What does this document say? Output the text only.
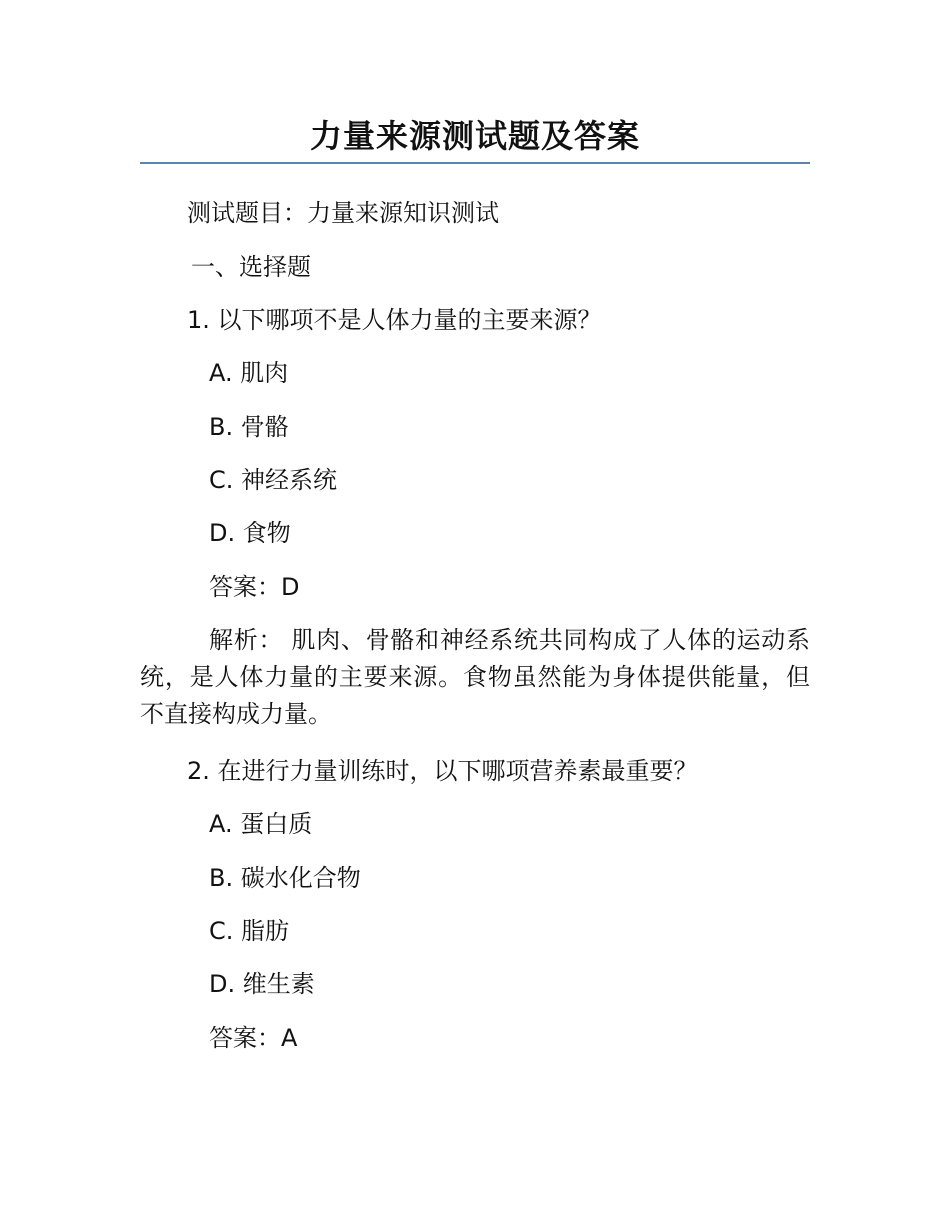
力量来源测试题及答案
测试题目：力量来源知识测试
一、选择题
1. 以下哪项不是人体力量的主要来源？
A. 肌肉
B. 骨骼
C. 神经系统
D. 食物
答案：D
解析： 肌肉、骨骼和神经系统共同构成了人体的运动系统，是人体力量的主要来源。食物虽然能为身体提供能量，但不直接构成力量。
2. 在进行力量训练时，以下哪项营养素最重要？
A. 蛋白质
B. 碳水化合物
C. 脂肪
D. 维生素
答案：A
